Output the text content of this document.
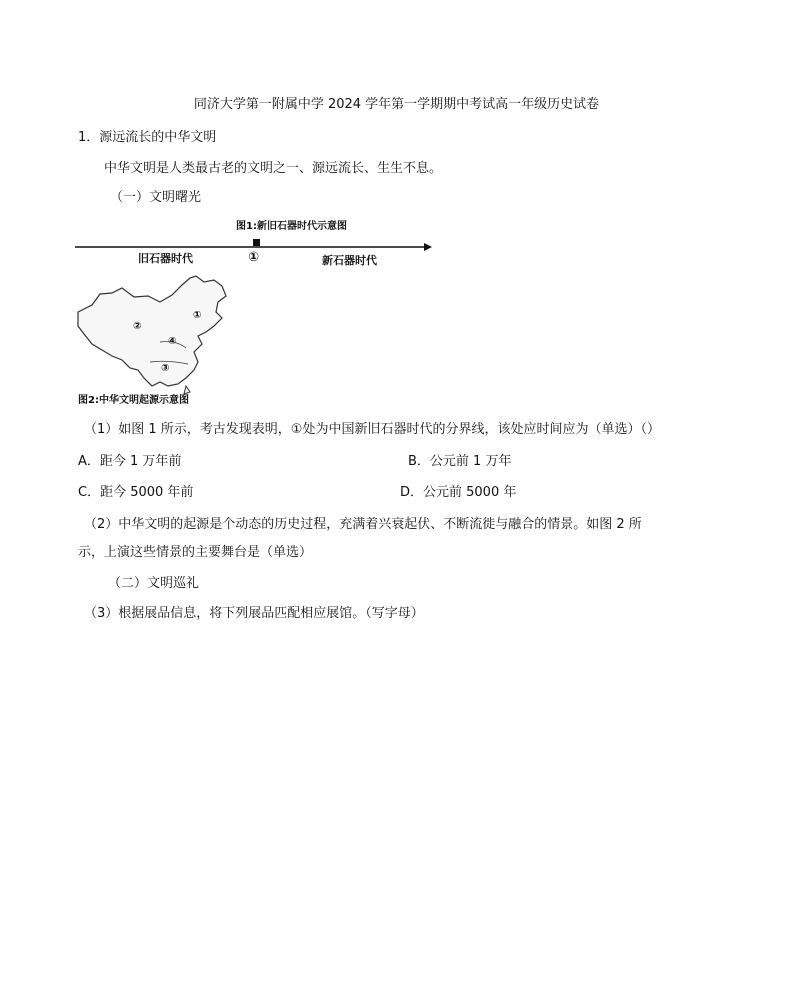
同济大学第一附属中学 2024 学年第一学期期中考试高一年级历史试卷
1．源远流长的中华文明
中华文明是人类最古老的文明之一、源远流长、生生不息。
（一）文明曙光
图1:新旧石器时代示意图
旧石器时代	①	新石器时代
①
②
③
④
图2:中华文明起源示意图
（1）如图 1 所示，考古发现表明，①处为中国新旧石器时代的分界线，该处应时间应为（单选）（）
A．距今 1 万年前	B．公元前 1 万年
C．距今 5000 年前	D．公元前 5000 年
（2）中华文明的起源是个动态的历史过程，充满着兴衰起伏、不断流徙与融合的情景。如图 2 所
示，上演这些情景的主要舞台是（单选）
（二）文明巡礼
（3）根据展品信息，将下列展品匹配相应展馆。（写字母）
